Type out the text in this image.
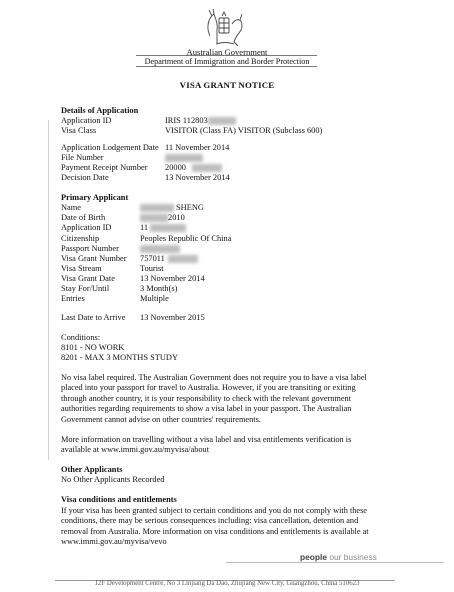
Australian Government
Department of Immigration and Border Protection
VISA GRANT NOTICE
Details of Application
Application ID	IRIS 112803
Visa Class	VISITOR (Class FA) VISITOR (Subclass 600)
Application Lodgement Date 11 November 2014
File Number
Payment Receipt Number 20000
Decision Date	13 November 2014
Primary Applicant
Name	SHENG
Date of Birth	2010
Application ID	11
Citizenship	Peoples Republic Of China
Passport Number
Visa Grant Number 757011
Visa Stream	Tourist
Visa Grant Date	13 November 2014
Stay For/Until	3 Month(s)
Entries	Multiple
Last Date to Arrive 13 November 2015
Conditions:
8101 - NO WORK
8201 - MAX 3 MONTHS STUDY
No visa label required. The Australian Government does not require you to have a visa label
placed into your passport for travel to Australia. However, if you are transiting or exiting
through another country, it is your responsibility to check with the relevant government
authorities regarding requirements to show a visa label in your passport. The Australian
Government cannot advise on other countries' requirements.
More information on travelling without a visa label and visa entitlements verification is
available at www.immi.gov.au/myvisa/about
Other Applicants
No Other Applicants Recorded
Visa conditions and entitlements
If your visa has been granted subject to certain conditions and you do not comply with these
conditions, there may be serious consequences including: visa cancellation, detention and
removal from Australia. More information on visa conditions and entitlements is available at
www.immi.gov.au/myvisa/vevo
people our business
12F Development Centre, No 3 Linjiang Da Dao, Zhujiang New City, Guangzhou, China 510623
